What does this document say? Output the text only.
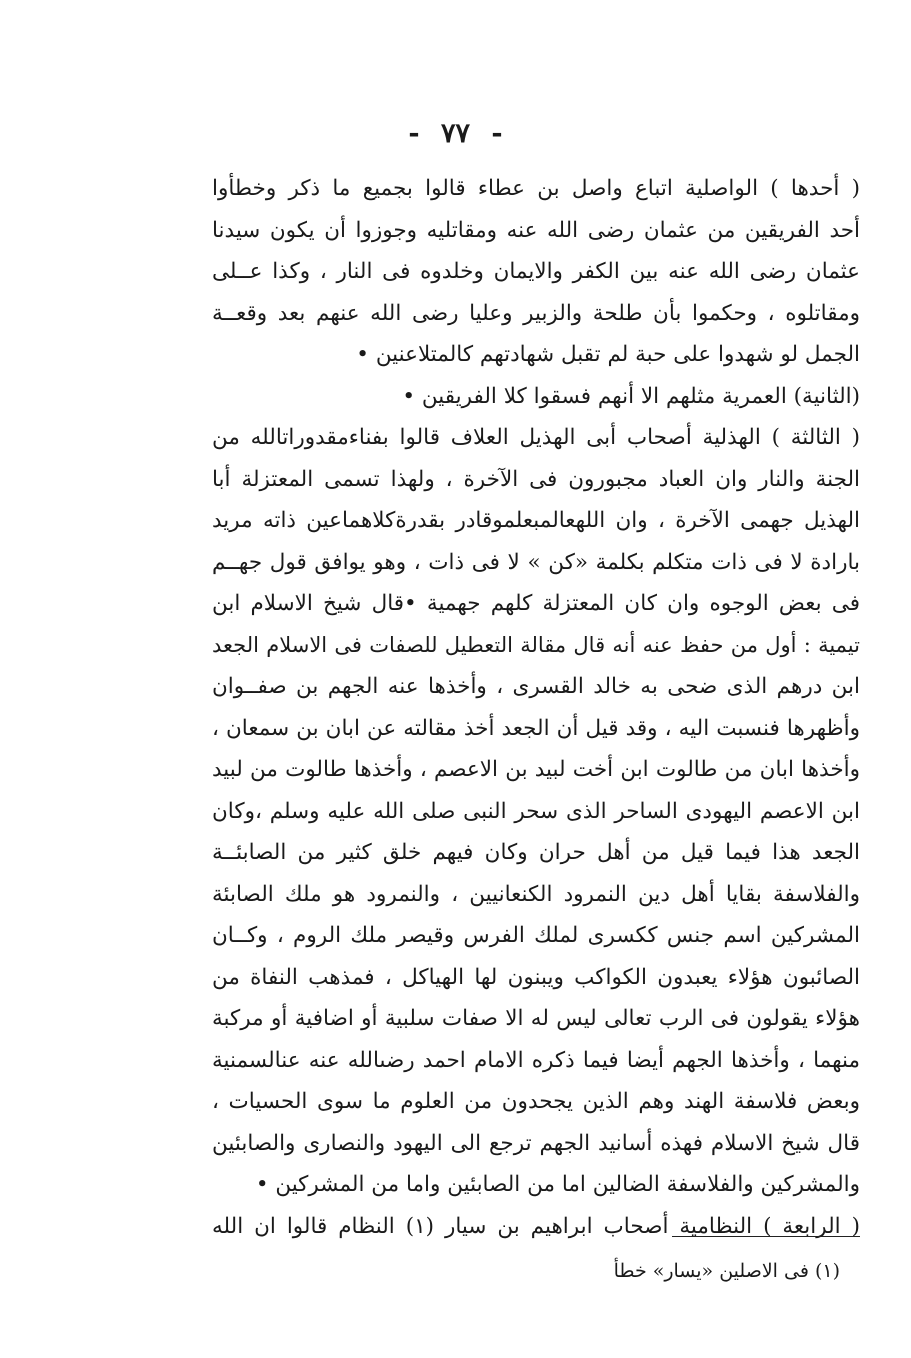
- ٧٧ -
( أحدها ) الواصلية اتباع واصل بن عطاء قالوا بجميع ما ذكر وخطأوا
أحد الفريقين من عثمان رضى الله عنه ومقاتليه وجوزوا أن يكون سيدنا
عثمان رضى الله عنه بين الكفر والايمان وخلدوه فى النار ، وكذا عــلى
ومقاتلوه ، وحكموا بأن طلحة والزبير وعليا رضى الله عنهم بعد وقعــة
الجمل لو شهدوا على حبة لم تقبل شهادتهم كالمتلاعنين •
(الثانية) العمرية مثلهم الا أنهم فسقوا كلا الفريقين •
( الثالثة ) الهذلية أصحاب أبى الهذيل العلاف قالوا بفناءمقدوراتالله من
الجنة والنار وان العباد مجبورون فى الآخرة ، ولهذا تسمى المعتزلة أبا
الهذيل جهمى الآخرة ، وان اللهعالمبعلموقادر بقدرةكلاهماعين ذاته مريد
بارادة لا فى ذات متكلم بكلمة «كن » لا فى ذات ، وهو يوافق قول جهــم
فى بعض الوجوه وان كان المعتزلة كلهم جهمية •قال شيخ الاسلام ابن
تيمية : أول من حفظ عنه أنه قال مقالة التعطيل للصفات فى الاسلام الجعد
ابن درهم الذى ضحى به خالد القسرى ، وأخذها عنه الجهم بن صفــوان
وأظهرها فنسبت اليه ، وقد قيل أن الجعد أخذ مقالته عن ابان بن سمعان ،
وأخذها ابان من طالوت ابن أخت لبيد بن الاعصم ، وأخذها طالوت من لبيد
ابن الاعصم اليهودى الساحر الذى سحر النبى صلى الله عليه وسلم ،وكان
الجعد هذا فيما قيل من أهل حران وكان فيهم خلق كثير من الصابئــة
والفلاسفة بقايا أهل دين النمرود الكنعانيين ، والنمرود هو ملك الصابئة
المشركين اسم جنس ككسرى لملك الفرس وقيصر ملك الروم ، وكــان
الصائبون هؤلاء يعبدون الكواكب ويبنون لها الهياكل ، فمذهب النفاة من
هؤلاء يقولون فى الرب تعالى ليس له الا صفات سلبية أو اضافية أو مركبة
منهما ، وأخذها الجهم أيضا فيما ذكره الامام احمد رضىالله عنه عنالسمنية
وبعض فلاسفة الهند وهم الذين يجحدون من العلوم ما سوى الحسيات ،
قال شيخ الاسلام فهذه أسانيد الجهم ترجع الى اليهود والنصارى والصابئين
والمشركين والفلاسفة الضالين اما من الصابئين واما من المشركين •
( الرابعة ) النظامية أصحاب ابراهيم بن سيار (١) النظام قالوا ان الله
(١) فى الاصلين «يسار» خطأ
